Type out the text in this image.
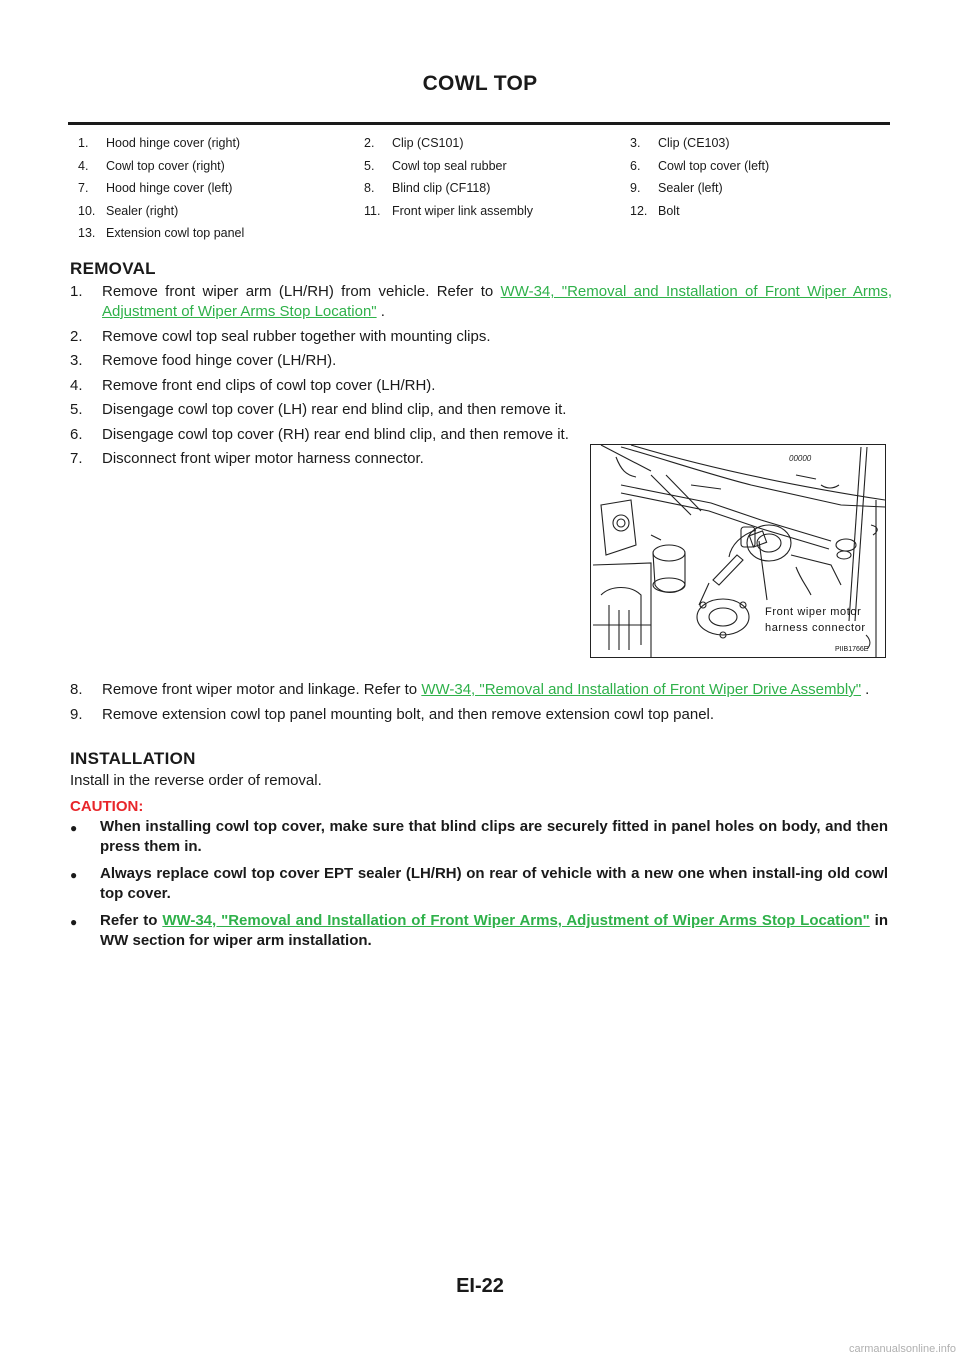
COWL TOP
1.	Hood hinge cover (right)	2.	Clip (CS101)	3.	Clip (CE103)
4.	Cowl top cover (right)	5.	Cowl top seal rubber	6.	Cowl top cover (left)
7.	Hood hinge cover (left)	8.	Blind clip (CF118)	9.	Sealer (left)
10. Sealer (right)	11. Front wiper link assembly	12. Bolt
13. Extension cowl top panel
REMOVAL
1.	Remove front wiper arm (LH/RH) from vehicle. Refer to WW-34, "Removal and Installation of Front Wiper Arms, Adjustment of Wiper Arms Stop Location" .
2.	Remove cowl top seal rubber together with mounting clips.
3.	Remove food hinge cover (LH/RH).
4.	Remove front end clips of cowl top cover (LH/RH).
5.	Disengage cowl top cover (LH) rear end blind clip, and then remove it.
6.	Disengage cowl top cover (RH) rear end blind clip, and then remove it.
7.	Disconnect front wiper motor harness connector.	00000
Front wiper motor
harness connector
PIIB1766E
8.	Remove front wiper motor and linkage. Refer to WW-34, "Removal and Installation of Front Wiper Drive Assembly" .
9.	Remove extension cowl top panel mounting bolt, and then remove extension cowl top panel.
INSTALLATION
Install in the reverse order of removal.
CAUTION:
●	When installing cowl top cover, make sure that blind clips are securely fitted in panel holes on body, and then press them in.
●	Always replace cowl top cover EPT sealer (LH/RH) on rear of vehicle with a new one when install-ing old cowl top cover.
●	Refer to WW-34, "Removal and Installation of Front Wiper Arms, Adjustment of Wiper Arms Stop Location" in WW section for wiper arm installation.
EI-22
carmanualsonline.info
